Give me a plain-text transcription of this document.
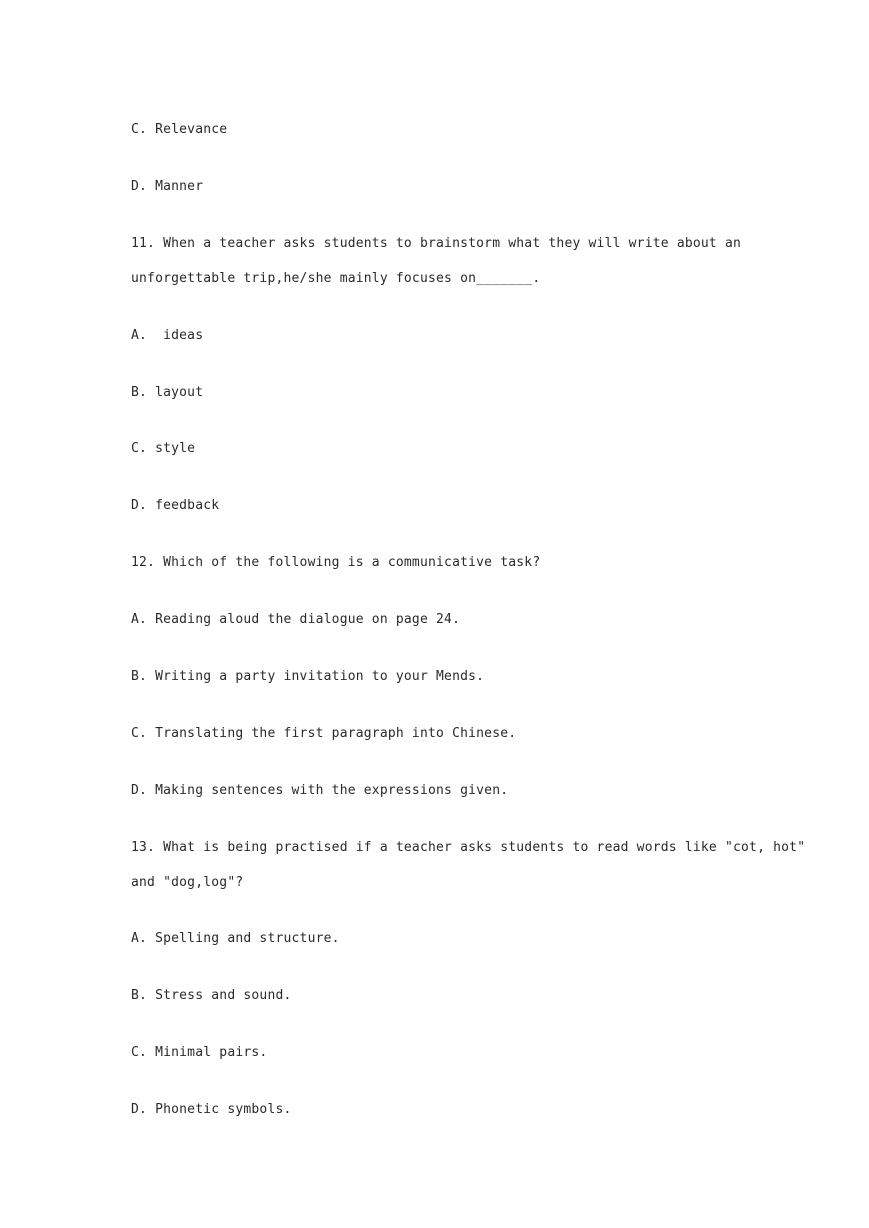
C. Relevance
D. Manner
11. When a teacher asks students to brainstorm what they will write about an
unforgettable trip,he/she mainly focuses on_______.
A.  ideas
B. layout
C. style
D. feedback
12. Which of the following is a communicative task?
A. Reading aloud the dialogue on page 24.
B. Writing a party invitation to your Mends.
C. Translating the first paragraph into Chinese.
D. Making sentences with the expressions given.
13. What is being practised if a teacher asks students to read words like "cot, hot"
and "dog,log"?
A. Spelling and structure.
B. Stress and sound.
C. Minimal pairs.
D. Phonetic symbols.
